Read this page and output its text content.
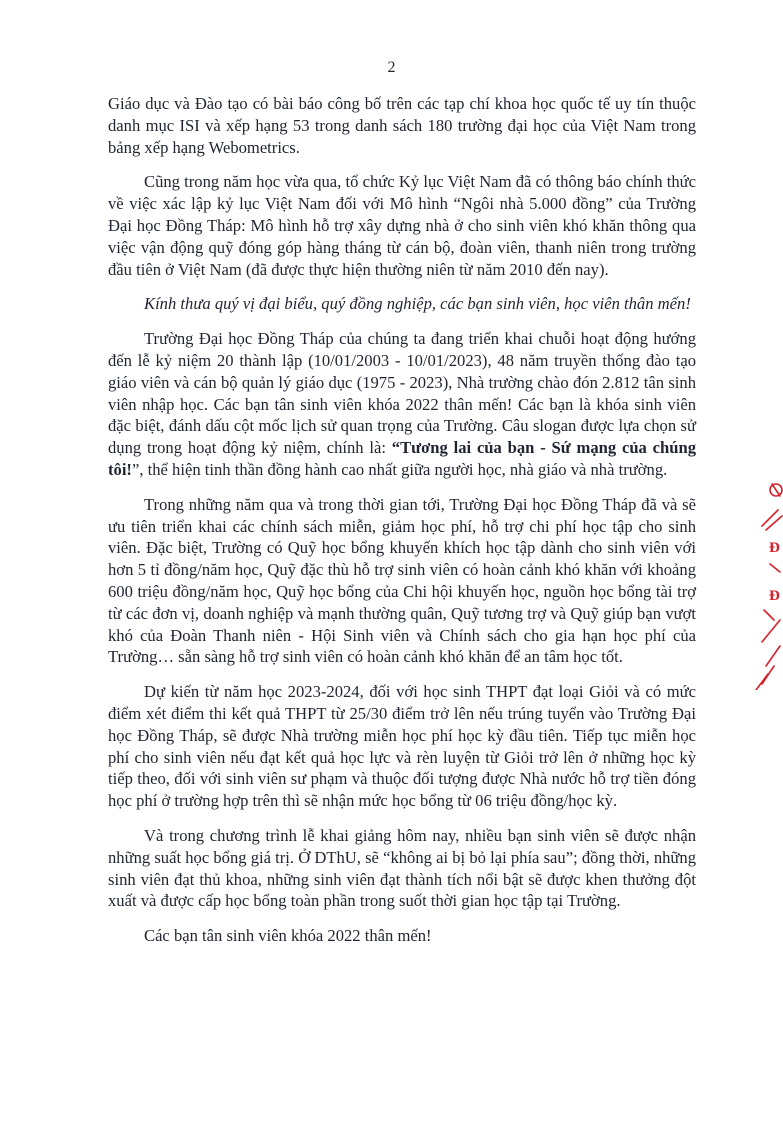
2

Giáo dục và Đào tạo có bài báo công bố trên các tạp chí khoa học quốc tế uy tín thuộc danh mục ISI và xếp hạng 53 trong danh sách 180 trường đại học của Việt Nam trong bảng xếp hạng Webometrics.

Cũng trong năm học vừa qua, tổ chức Kỷ lục Việt Nam đã có thông báo chính thức về việc xác lập kỷ lục Việt Nam đối với Mô hình “Ngôi nhà 5.000 đồng” của Trường Đại học Đồng Tháp: Mô hình hỗ trợ xây dựng nhà ở cho sinh viên khó khăn thông qua việc vận động quỹ đóng góp hàng tháng từ cán bộ, đoàn viên, thanh niên trong trường đầu tiên ở Việt Nam (đã được thực hiện thường niên từ năm 2010 đến nay).

Kính thưa quý vị đại biểu, quý đồng nghiệp, các bạn sinh viên, học viên thân mến!

Trường Đại học Đồng Tháp của chúng ta đang triển khai chuỗi hoạt động hướng đến lễ kỷ niệm 20 thành lập (10/01/2003 - 10/01/2023), 48 năm truyền thống đào tạo giáo viên và cán bộ quản lý giáo dục (1975 - 2023), Nhà trường chào đón 2.812 tân sinh viên nhập học. Các bạn tân sinh viên khóa 2022 thân mến! Các bạn là khóa sinh viên đặc biệt, đánh dấu cột mốc lịch sử quan trọng của Trường. Câu slogan được lựa chọn sử dụng trong hoạt động kỷ niệm, chính là: “Tương lai của bạn - Sứ mạng của chúng tôi!”, thể hiện tinh thần đồng hành cao nhất giữa người học, nhà giáo và nhà trường.

Trong những năm qua và trong thời gian tới, Trường Đại học Đồng Tháp đã và sẽ ưu tiên triển khai các chính sách miễn, giảm học phí, hỗ trợ chi phí học tập cho sinh viên. Đặc biệt, Trường có Quỹ học bổng khuyến khích học tập dành cho sinh viên với hơn 5 tỉ đồng/năm học, Quỹ đặc thù hỗ trợ sinh viên có hoàn cảnh khó khăn với khoảng 600 triệu đồng/năm học, Quỹ học bổng của Chi hội khuyến học, nguồn học bổng tài trợ từ các đơn vị, doanh nghiệp và mạnh thường quân, Quỹ tương trợ và Quỹ giúp bạn vượt khó của Đoàn Thanh niên - Hội Sinh viên và Chính sách cho gia hạn học phí của Trường… sẵn sàng hỗ trợ sinh viên có hoàn cảnh khó khăn để an tâm học tốt.

Dự kiến từ năm học 2023-2024, đối với học sinh THPT đạt loại Giỏi và có mức điểm xét điểm thi kết quả THPT từ 25/30 điểm trở lên nếu trúng tuyển vào Trường Đại học Đồng Tháp, sẽ được Nhà trường miễn học phí học kỳ đầu tiên. Tiếp tục miễn học phí cho sinh viên nếu đạt kết quả học lực và rèn luyện từ Giỏi trở lên ở những học kỳ tiếp theo, đối với sinh viên sư phạm và thuộc đối tượng được Nhà nước hỗ trợ tiền đóng học phí ở trường hợp trên thì sẽ nhận mức học bổng từ 06 triệu đồng/học kỳ.

Và trong chương trình lễ khai giảng hôm nay, nhiều bạn sinh viên sẽ được nhận những suất học bổng giá trị. Ở DThU, sẽ “không ai bị bỏ lại phía sau”; đồng thời, những sinh viên đạt thủ khoa, những sinh viên đạt thành tích nổi bật sẽ được khen thưởng đột xuất và được cấp học bổng toàn phần trong suốt thời gian học tập tại Trường.

Các bạn tân sinh viên khóa 2022 thân mến!

Đ
Đ
